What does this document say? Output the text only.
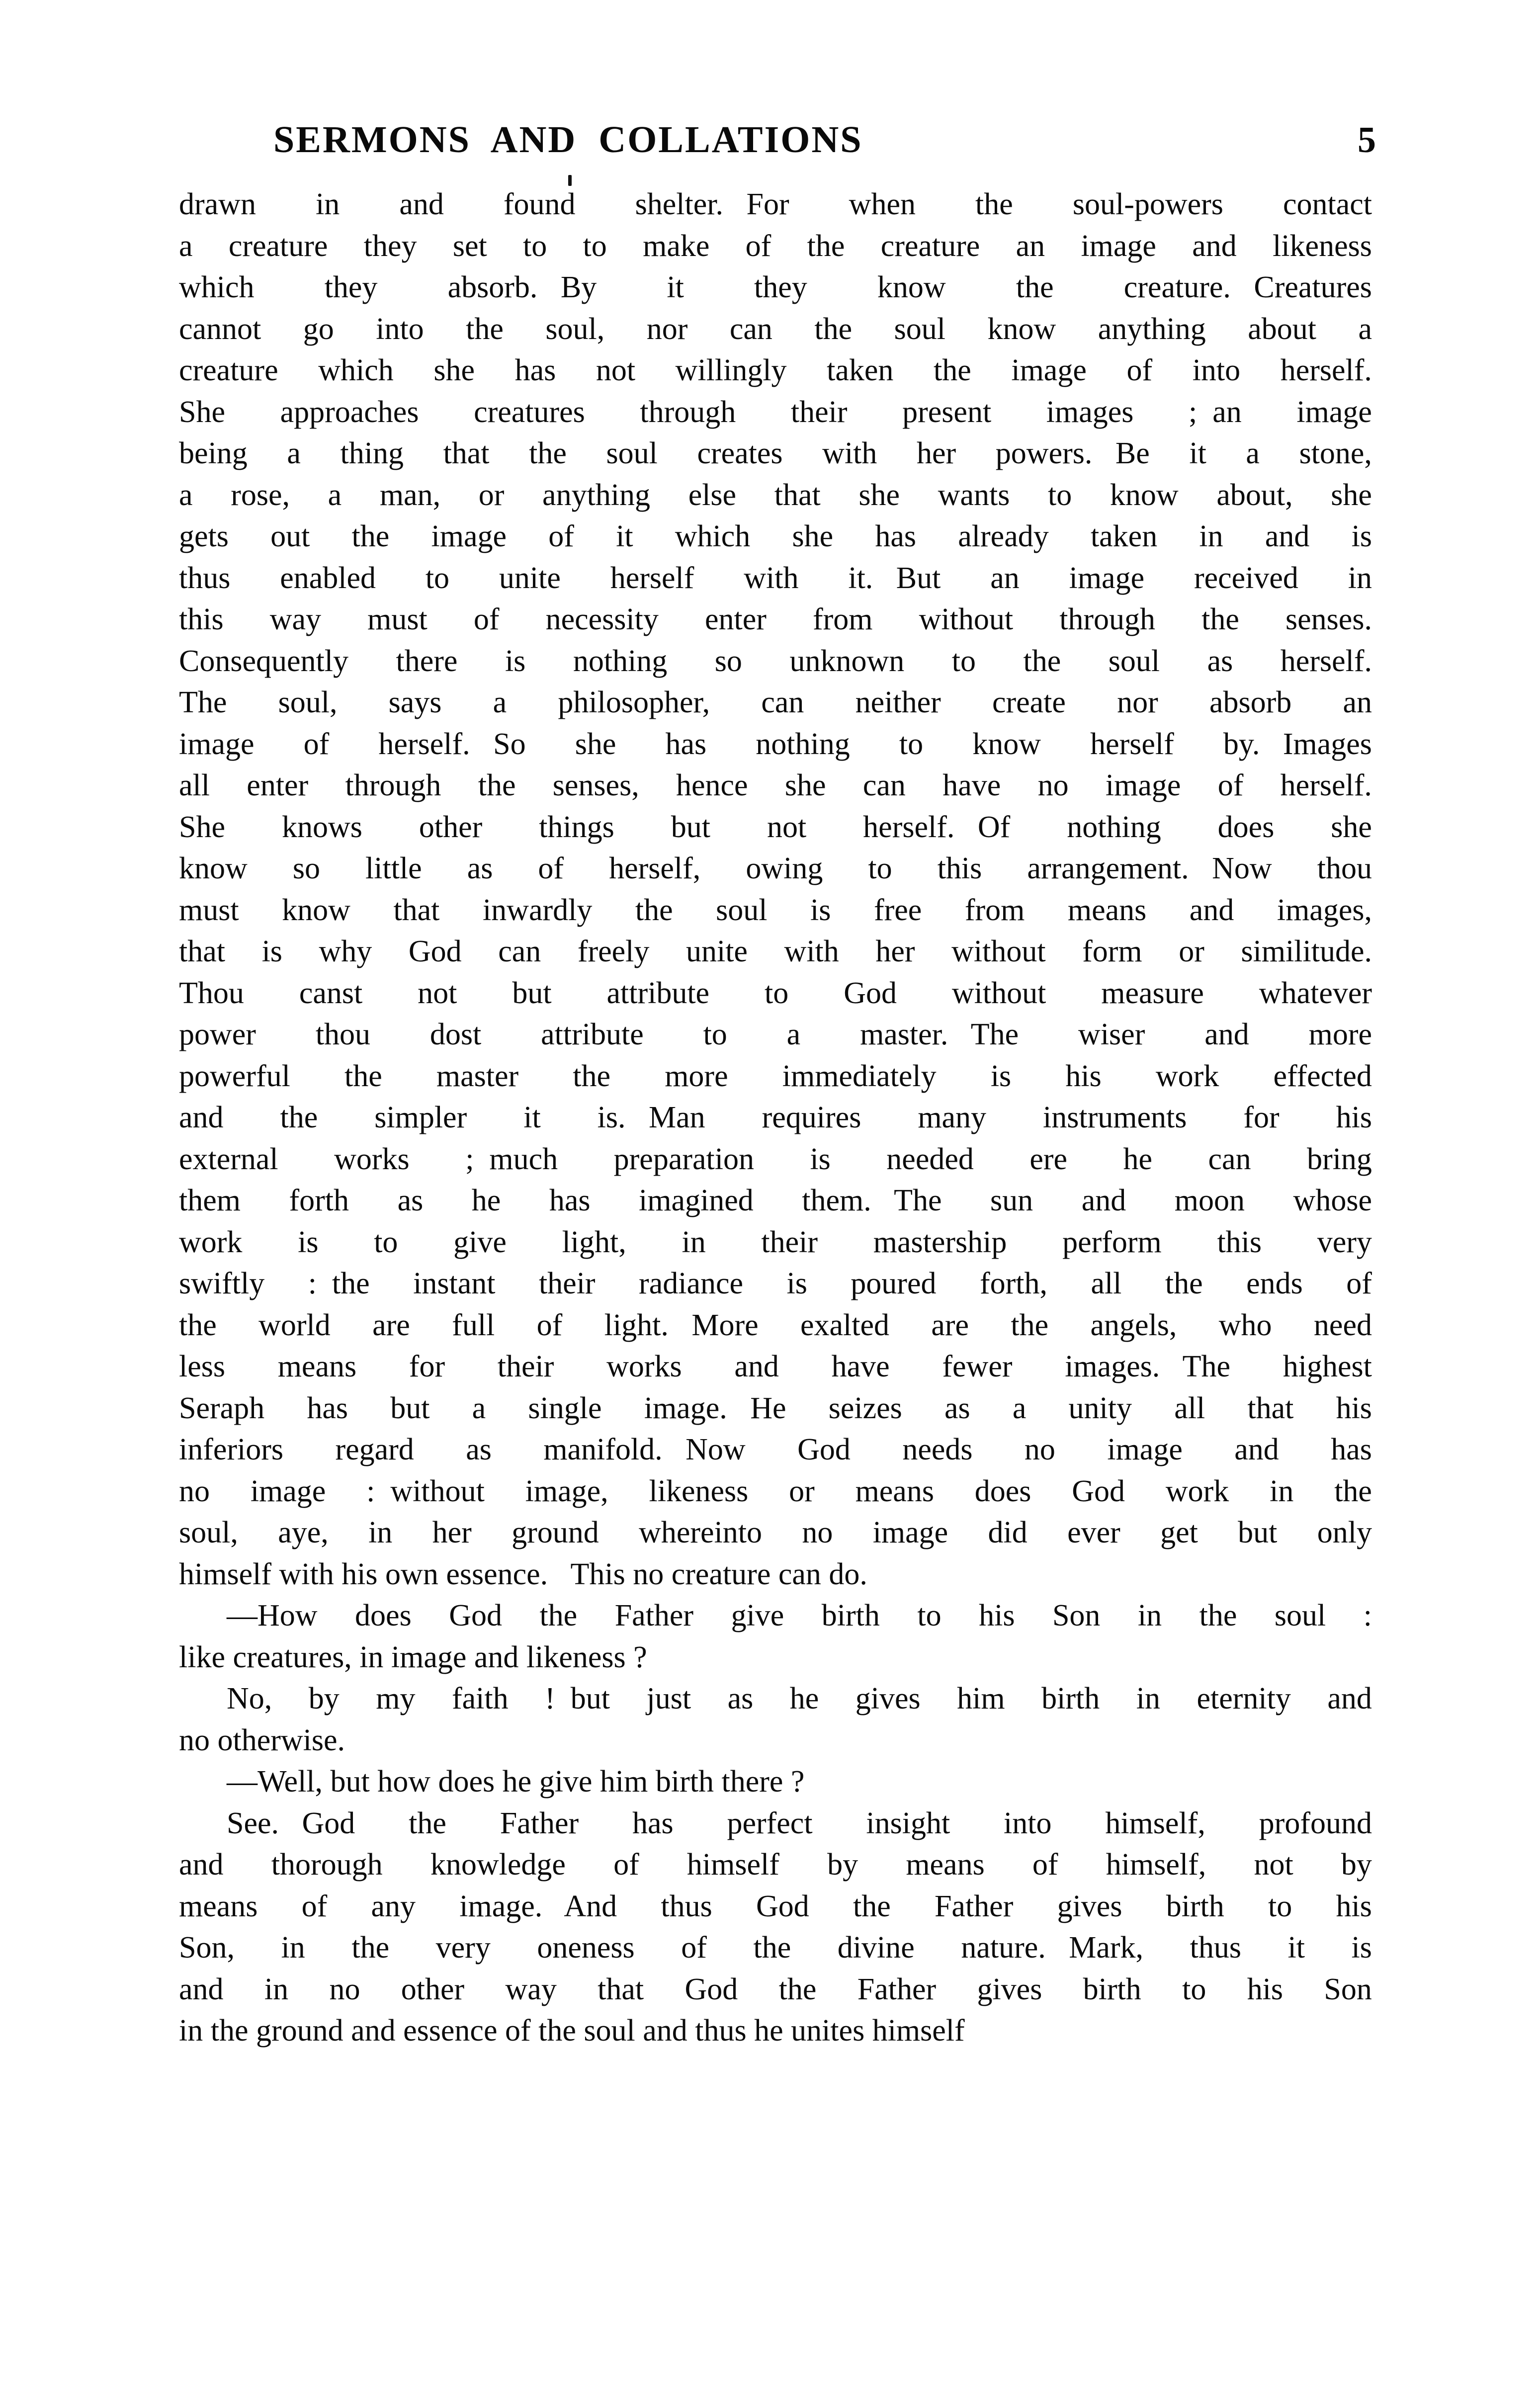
SERMONS  AND  COLLATIONS	5
drawn in and found shelter.   For when the soul-powers contact
a creature they set to to make of the creature an image and likeness
which they absorb.   By it they know the creature.   Creatures
cannot go into the soul, nor can the soul know anything about a
creature which she has not willingly taken the image of into herself.
She approaches creatures through their present images ;  an image
being a thing that the soul creates with her powers.   Be it a stone,
a rose, a man, or anything else that she wants to know about, she
gets out the image of it which she has already taken in and is
thus enabled to unite herself with it.   But an image received in
this way must of necessity enter from without through the senses.
Consequently there is nothing so unknown to the soul as herself.
The soul, says a philosopher, can neither create nor absorb an
image of herself.   So she has nothing to know herself by.   Images
all enter through the senses, hence she can have no image of herself.
She knows other things but not herself.   Of nothing does she
know so little as of herself, owing to this arrangement.   Now thou
must know that inwardly the soul is free from means and images,
that is why God can freely unite with her without form or similitude.
Thou canst not but attribute to God without measure whatever
power thou dost attribute to a master.   The wiser and more
powerful the master the more immediately is his work effected
and the simpler it is.   Man requires many instruments for his
external works ;  much preparation is needed ere he can bring
them forth as he has imagined them.   The sun and moon whose
work is to give light, in their mastership perform this very
swiftly :  the instant their radiance is poured forth, all the ends of
the world are full of light.   More exalted are the angels, who need
less means for their works and have fewer images.   The highest
Seraph has but a single image.   He seizes as a unity all that his
inferiors regard as manifold.   Now God needs no image and has
no image :  without image, likeness or means does God work in the
soul, aye, in her ground whereinto no image did ever get but only
himself with his own essence.   This no creature can do.
—How does God the Father give birth to his Son in the soul :
like creatures, in image and likeness ?
No, by my faith !  but just as he gives him birth in eternity and
no otherwise.
—Well, but how does he give him birth there ?
See.   God the Father has perfect insight into himself, profound
and thorough knowledge of himself by means of himself, not by
means of any image.   And thus God the Father gives birth to his
Son, in the very oneness of the divine nature.   Mark, thus it is
and in no other way that God the Father gives birth to his Son
in the ground and essence of the soul and thus he unites himself
